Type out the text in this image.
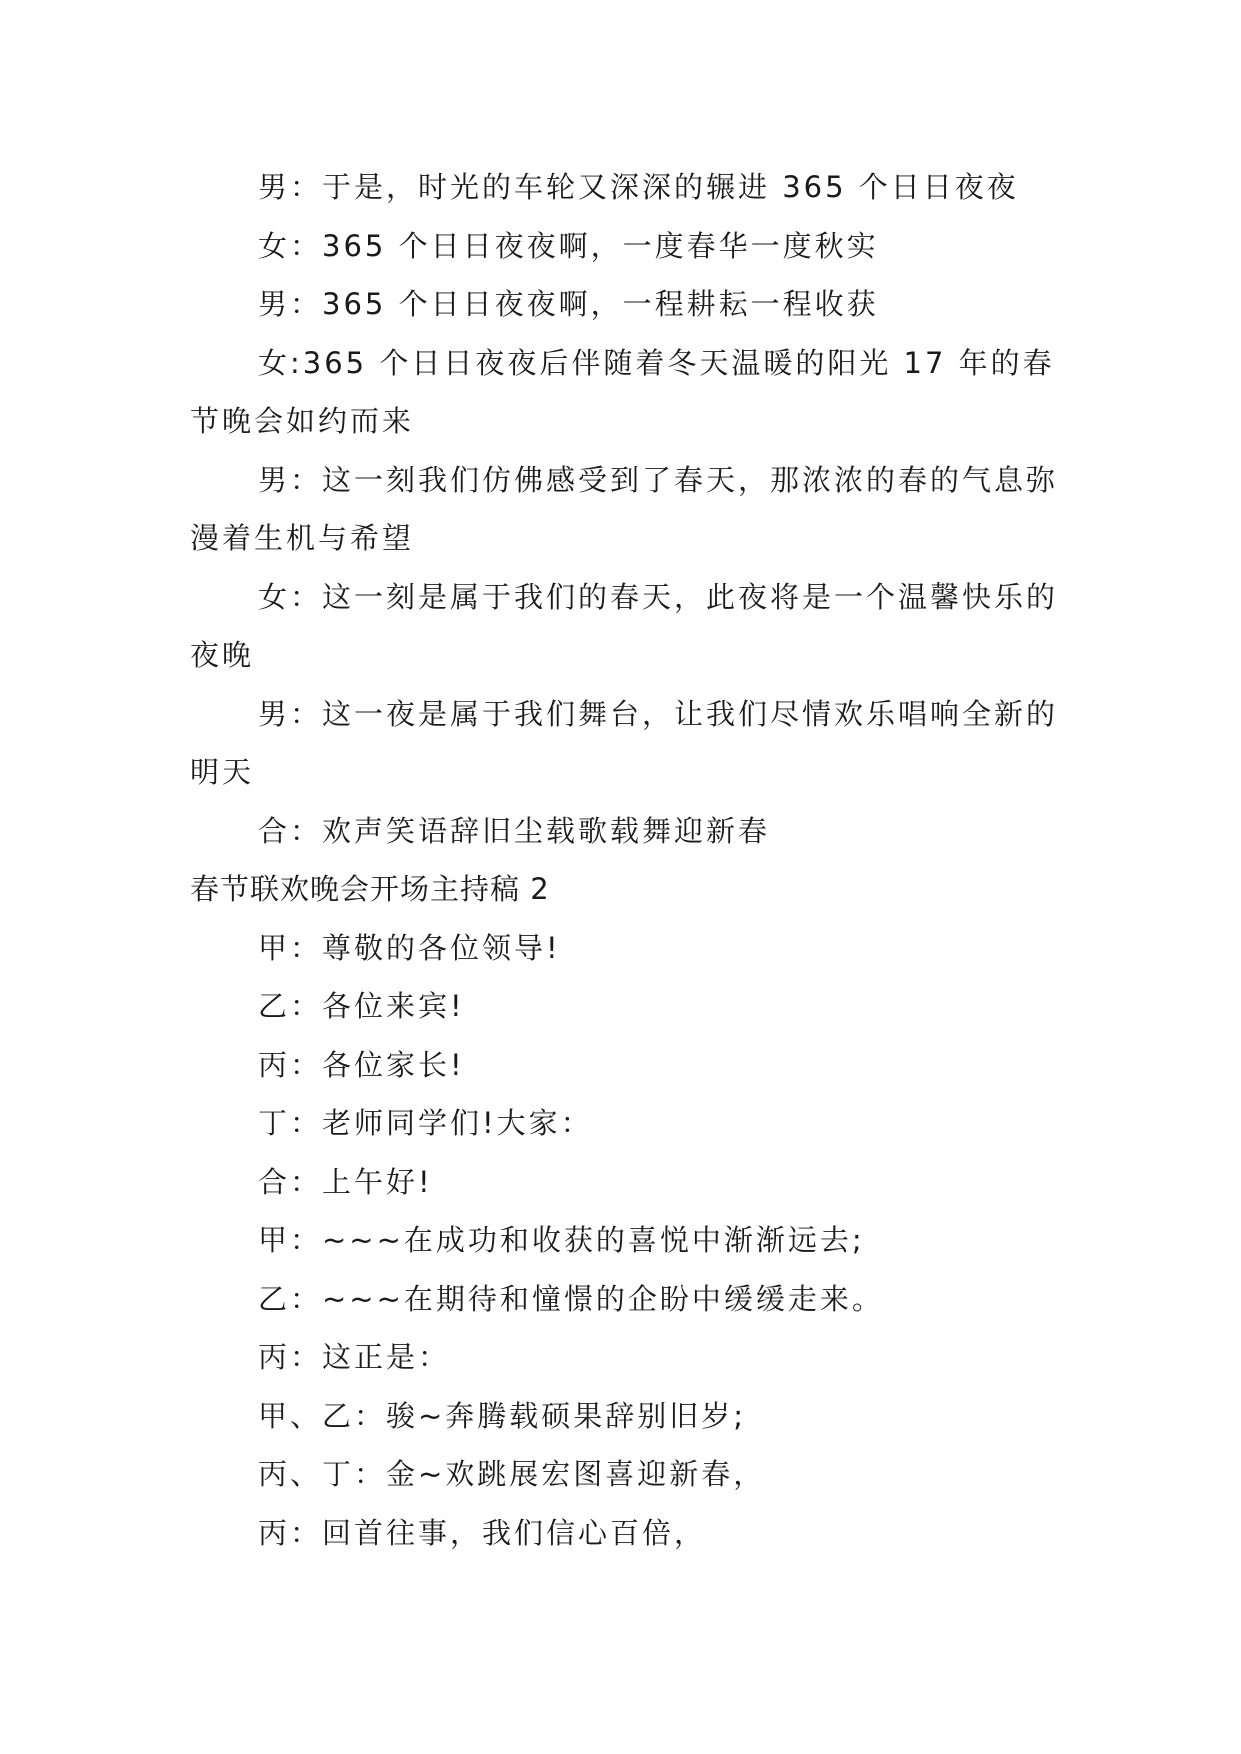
男：于是，时光的车轮又深深的辗进 365 个日日夜夜

女：365 个日日夜夜啊，一度春华一度秋实

男：365 个日日夜夜啊，一程耕耘一程收获

女:365 个日日夜夜后伴随着冬天温暖的阳光 17 年的春节晚会如约而来

男：这一刻我们仿佛感受到了春天，那浓浓的春的气息弥漫着生机与希望

女：这一刻是属于我们的春天，此夜将是一个温馨快乐的夜晚

男：这一夜是属于我们舞台，让我们尽情欢乐唱响全新的明天

合：欢声笑语辞旧尘载歌载舞迎新春

春节联欢晚会开场主持稿 2

甲：尊敬的各位领导!

乙：各位来宾!

丙：各位家长!

丁：老师同学们!大家：

合：上午好!

甲：~~~在成功和收获的喜悦中渐渐远去;

乙：~~~在期待和憧憬的企盼中缓缓走来。

丙：这正是：

甲、乙：骏~奔腾载硕果辞别旧岁;

丙、丁：金~欢跳展宏图喜迎新春，

丙：回首往事，我们信心百倍，
